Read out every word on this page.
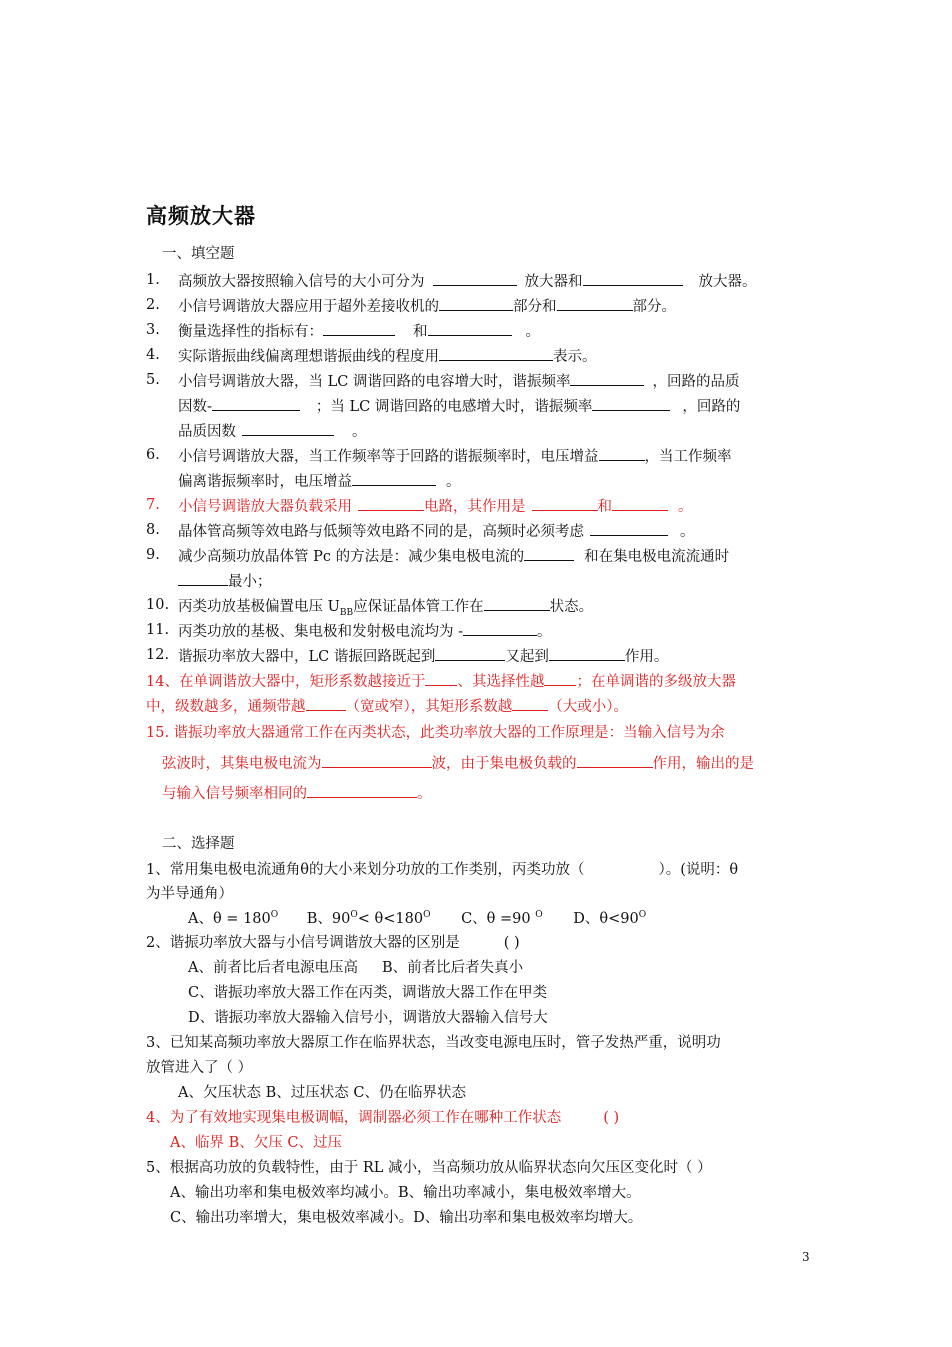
高频放大器
一、填空题
1. 高频放大器按照输入信号的大小可分为	放大器和	放大器。
2. 小信号调谐放大器应用于超外差接收机的	部分和	部分。
3. 衡量选择性的指标有：	和	。
4. 实际谐振曲线偏离理想谐振曲线的程度用	表示。
5. 小信号调谐放大器，当 LC 调谐回路的电容增大时，谐振频率	，回路的品质
因数-	；当 LC 调谐回路的电感增大时，谐振频率	，回路的
品质因数	。
6. 小信号调谐放大器，当工作频率等于回路的谐振频率时，电压增益	，当工作频率
偏离谐振频率时，电压增益	。
7. 小信号调谐放大器负载采用	电路，其作用是	和	。
8. 晶体管高频等效电路与低频等效电路不同的是，高频时必须考虑	。
9. 减少高频功放晶体管 Pc 的方法是：减少集电极电流的	和在集电极电流流通时
最小；
10. 丙类功放基极偏置电压 $U_{BB}$应保证晶体管工作在	状态。
11. 丙类功放的基极、集电极和发射极电流均为 -	。
12. 谐振功率放大器中，LC 谐振回路既起到	又起到	作用。
14、在单调谐放大器中，矩形系数越接近于 、其选择性越 ；在单调谐的多级放大器
中，级数越多，通频带越	（宽或窄），其矩形系数越 （大或小）。
15. 谐振功率放大器通常工作在丙类状态，此类功率放大器的工作原理是：当输入信号为余
弦波时，其集电极电流为	波，由于集电极负载的	作用，输出的是
与输入信号频率相同的	。
二、选择题
1、常用集电极电流通角θ的大小来划分功放的工作类别，丙类功放（	）。(说明：θ
为半导通角）
A、$\theta = 180^O$ B、$90^O< \theta<180^O$ C、θ =90 $^O$ D、$\theta<90^O$
2、谐振功率放大器与小信号调谐放大器的区别是	( )
A、前者比后者电源电压高 B、前者比后者失真小
C、谐振功率放大器工作在丙类，调谐放大器工作在甲类
D、谐振功率放大器输入信号小，调谐放大器输入信号大
3、已知某高频功率放大器原工作在临界状态，当改变电源电压时，管子发热严重，说明功
放管进入了（ ）
A、欠压状态 B、过压状态 C、仍在临界状态
4、为了有效地实现集电极调幅，调制器必须工作在哪种工作状态	( )
A、临界 B、欠压 C、过压
5、根据高功放的负载特性，由于 RL 减小，当高频功放从临界状态向欠压区变化时（ ）
A、输出功率和集电极效率均减小。B、输出功率减小，集电极效率增大。
C、输出功率增大，集电极效率减小。D、输出功率和集电极效率均增大。
3
